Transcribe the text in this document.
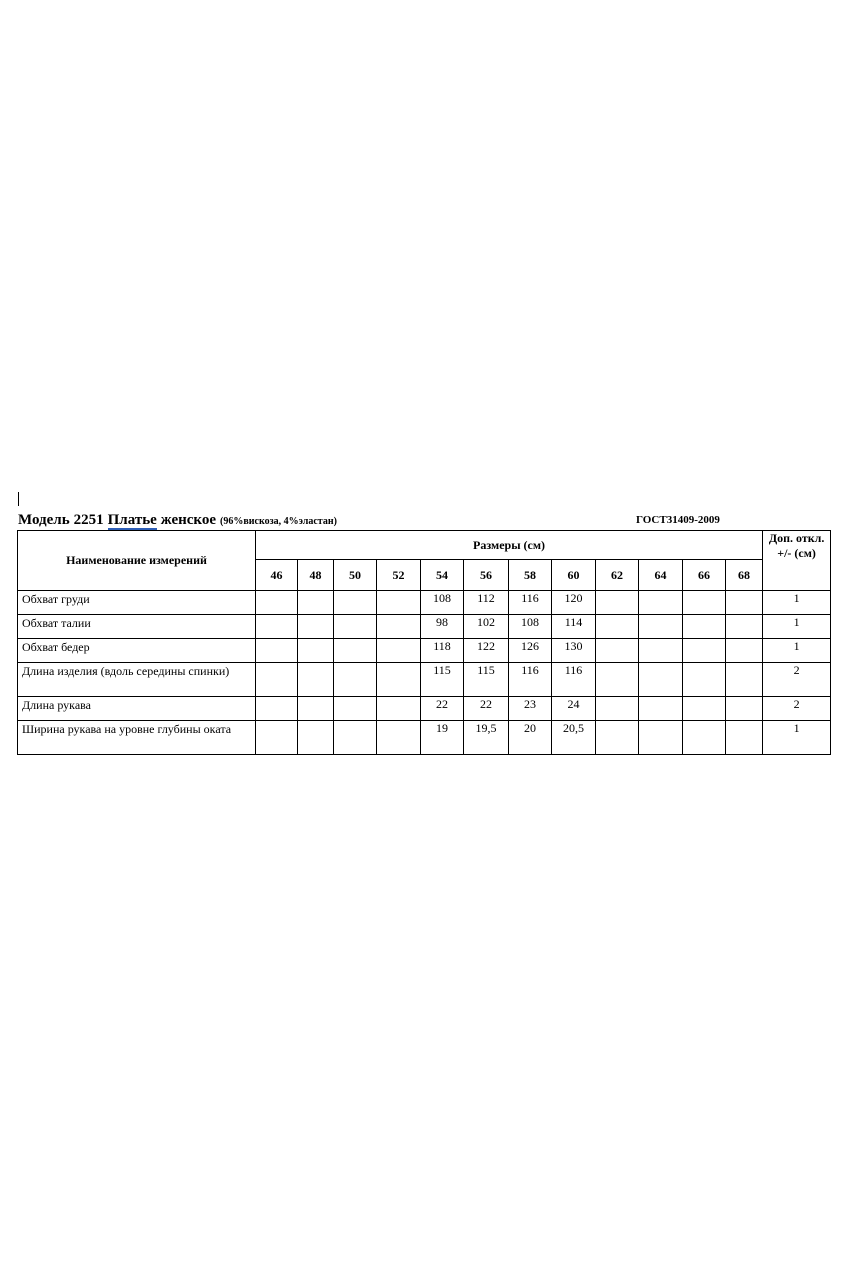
Модель 2251 Платье женское (96%вискоза, 4%эластан)	ГОСТ31409-2009
Наименование измерений	Размеры (см)												Доп. откл. +/- (см)
	46	48	50	52	54	56	58	60	62	64	66	68	
Обхват груди					108	112	116	120					1
Обхват талии					98	102	108	114					1
Обхват бедер					118	122	126	130					1
Длина изделия (вдоль середины спинки)					115	115	116	116					2
Длина рукава					22	22	23	24					2
Ширина рукава на уровне глубины оката					19	19,5	20	20,5					1
